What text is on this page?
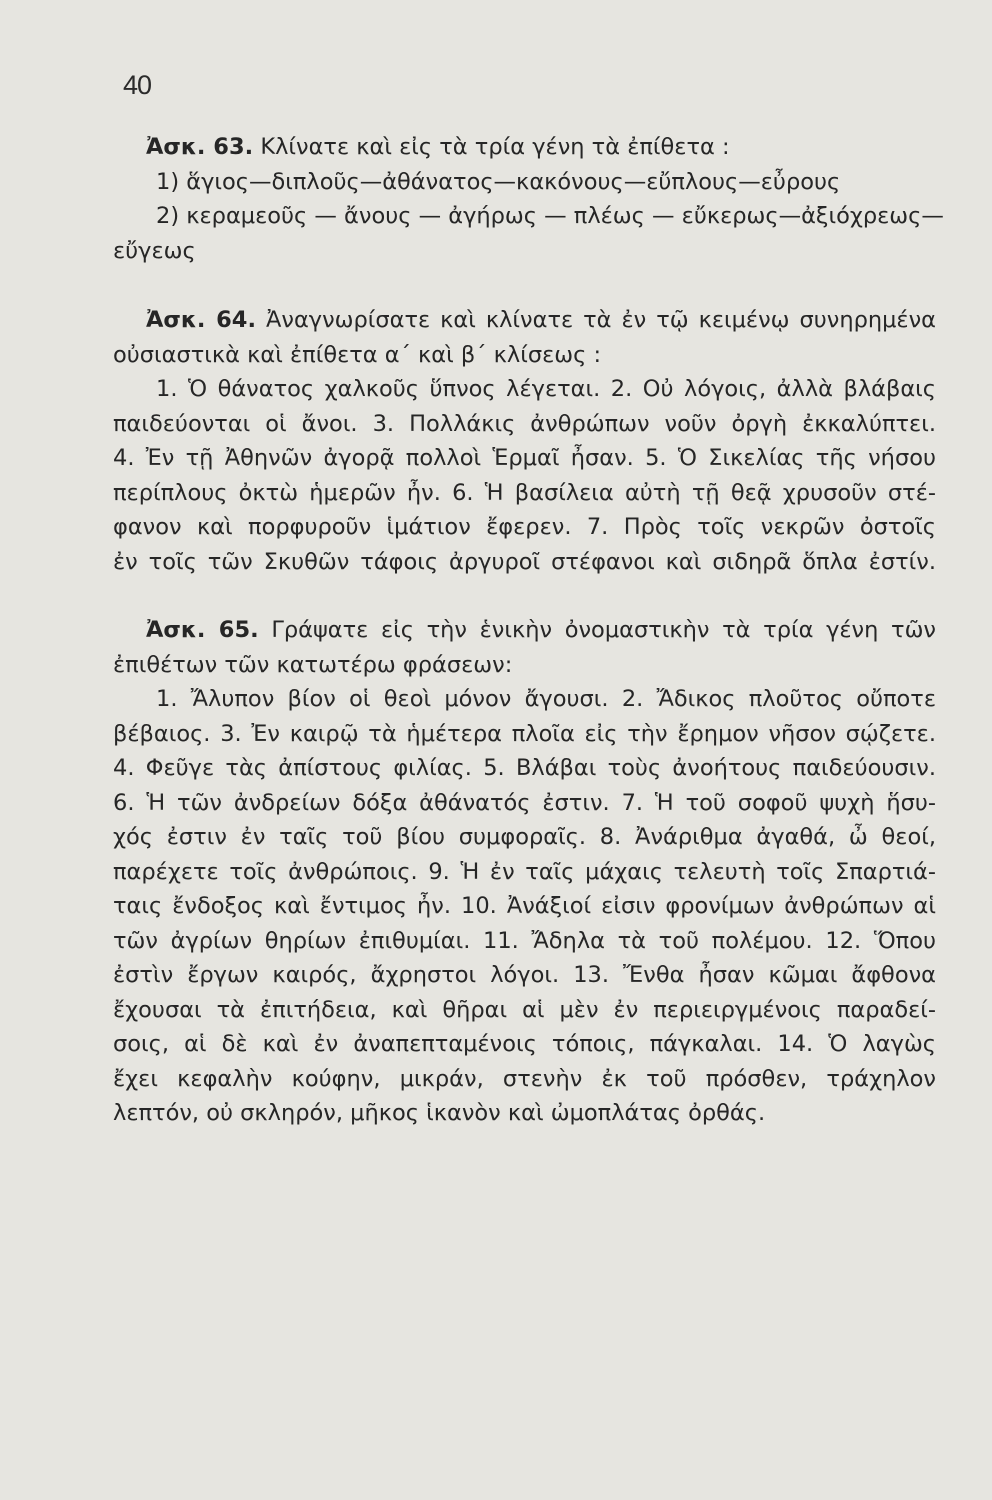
40
Ἀσκ. 63. Κλίνατε καὶ εἰς τὰ τρία γένη τὰ ἐπίθετα :
1) ἅγιος—διπλοῦς—ἀθάνατος—κακόνους—εὔπλους—εὖρους
2) κεραμεοῦς — ἄνους — ἀγήρως — πλέως — εὔκερως—ἀξιόχρεως—
εὔγεως
Ἀσκ. 64. Ἀναγνωρίσατε καὶ κλίνατε τὰ ἐν τῷ κειμένῳ συνηρημένα
οὐσιαστικὰ καὶ ἐπίθετα α΄ καὶ β΄ κλίσεως :
1. Ὁ θάνατος χαλκοῦς ὕπνος λέγεται. 2. Οὐ λόγοις, ἀλλὰ βλάβαις
παιδεύονται οἱ ἄνοι. 3. Πολλάκις ἀνθρώπων νοῦν ὀργὴ ἐκκαλύπτει.
4. Ἐν τῇ Ἀθηνῶν ἀγορᾷ πολλοὶ Ἑρμαῖ ἦσαν. 5. Ὁ Σικελίας τῆς νήσου
περίπλους ὀκτὼ ἡμερῶν ἦν. 6. Ἡ βασίλεια αὐτὴ τῇ θεᾷ χρυσοῦν στέ-
φανον καὶ πορφυροῦν ἱμάτιον ἔφερεν. 7. Πρὸς τοῖς νεκρῶν ὀστοῖς
ἐν τοῖς τῶν Σκυθῶν τάφοις ἀργυροῖ στέφανοι καὶ σιδηρᾶ ὅπλα ἐστίν.
Ἀσκ. 65. Γράψατε εἰς τὴν ἑνικὴν ὀνομαστικὴν τὰ τρία γένη τῶν
ἐπιθέτων τῶν κατωτέρω φράσεων:
1. Ἄλυπον βίον οἱ θεοὶ μόνον ἄγουσι. 2. Ἄδικος πλοῦτος οὔποτε
βέβαιος. 3. Ἐν καιρῷ τὰ ἡμέτερα πλοῖα εἰς τὴν ἔρημον νῆσον σῴζετε.
4. Φεῦγε τὰς ἀπίστους φιλίας. 5. Βλάβαι τοὺς ἀνοήτους παιδεύουσιν.
6. Ἡ τῶν ἀνδρείων δόξα ἀθάνατός ἐστιν. 7. Ἡ τοῦ σοφοῦ ψυχὴ ἥσυ-
χός ἐστιν ἐν ταῖς τοῦ βίου συμφοραῖς. 8. Ἀνάριθμα ἀγαθά, ὦ θεοί,
παρέχετε τοῖς ἀνθρώποις. 9. Ἡ ἐν ταῖς μάχαις τελευτὴ τοῖς Σπαρτιά-
ταις ἔνδοξος καὶ ἔντιμος ἦν. 10. Ἀνάξιοί εἰσιν φρονίμων ἀνθρώπων αἱ
τῶν ἀγρίων θηρίων ἐπιθυμίαι. 11. Ἄδηλα τὰ τοῦ πολέμου. 12. Ὅπου
ἐστὶν ἔργων καιρός, ἄχρηστοι λόγοι. 13. Ἔνθα ἦσαν κῶμαι ἄφθονα
ἔχουσαι τὰ ἐπιτήδεια, καὶ θῆραι αἱ μὲν ἐν περιειργμένοις παραδεί-
σοις, αἱ δὲ καὶ ἐν ἀναπεπταμένοις τόποις, πάγκαλαι. 14. Ὁ λαγὼς
ἔχει κεφαλὴν κούφην, μικράν, στενὴν ἐκ τοῦ πρόσθεν, τράχηλον
λεπτόν, οὐ σκληρόν, μῆκος ἱκανὸν καὶ ὠμοπλάτας ὀρθάς.
